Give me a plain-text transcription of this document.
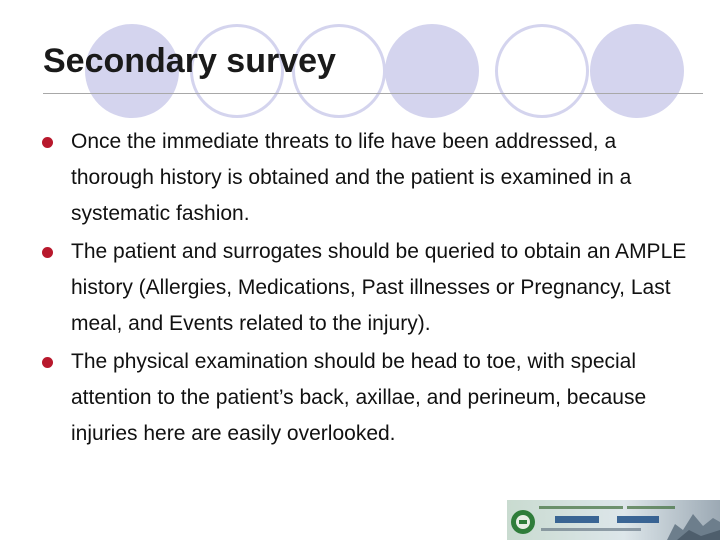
Secondary survey
Once the immediate threats to life have been addressed, a thorough history is obtained and the patient is examined in a systematic fashion.
The patient and surrogates should be queried to obtain an AMPLE history (Allergies, Medications, Past illnesses or Pregnancy, Last meal, and Events related to the injury).
The physical examination should be head to toe, with special attention to the patient’s back, axillae, and perineum, because injuries here are easily overlooked.
